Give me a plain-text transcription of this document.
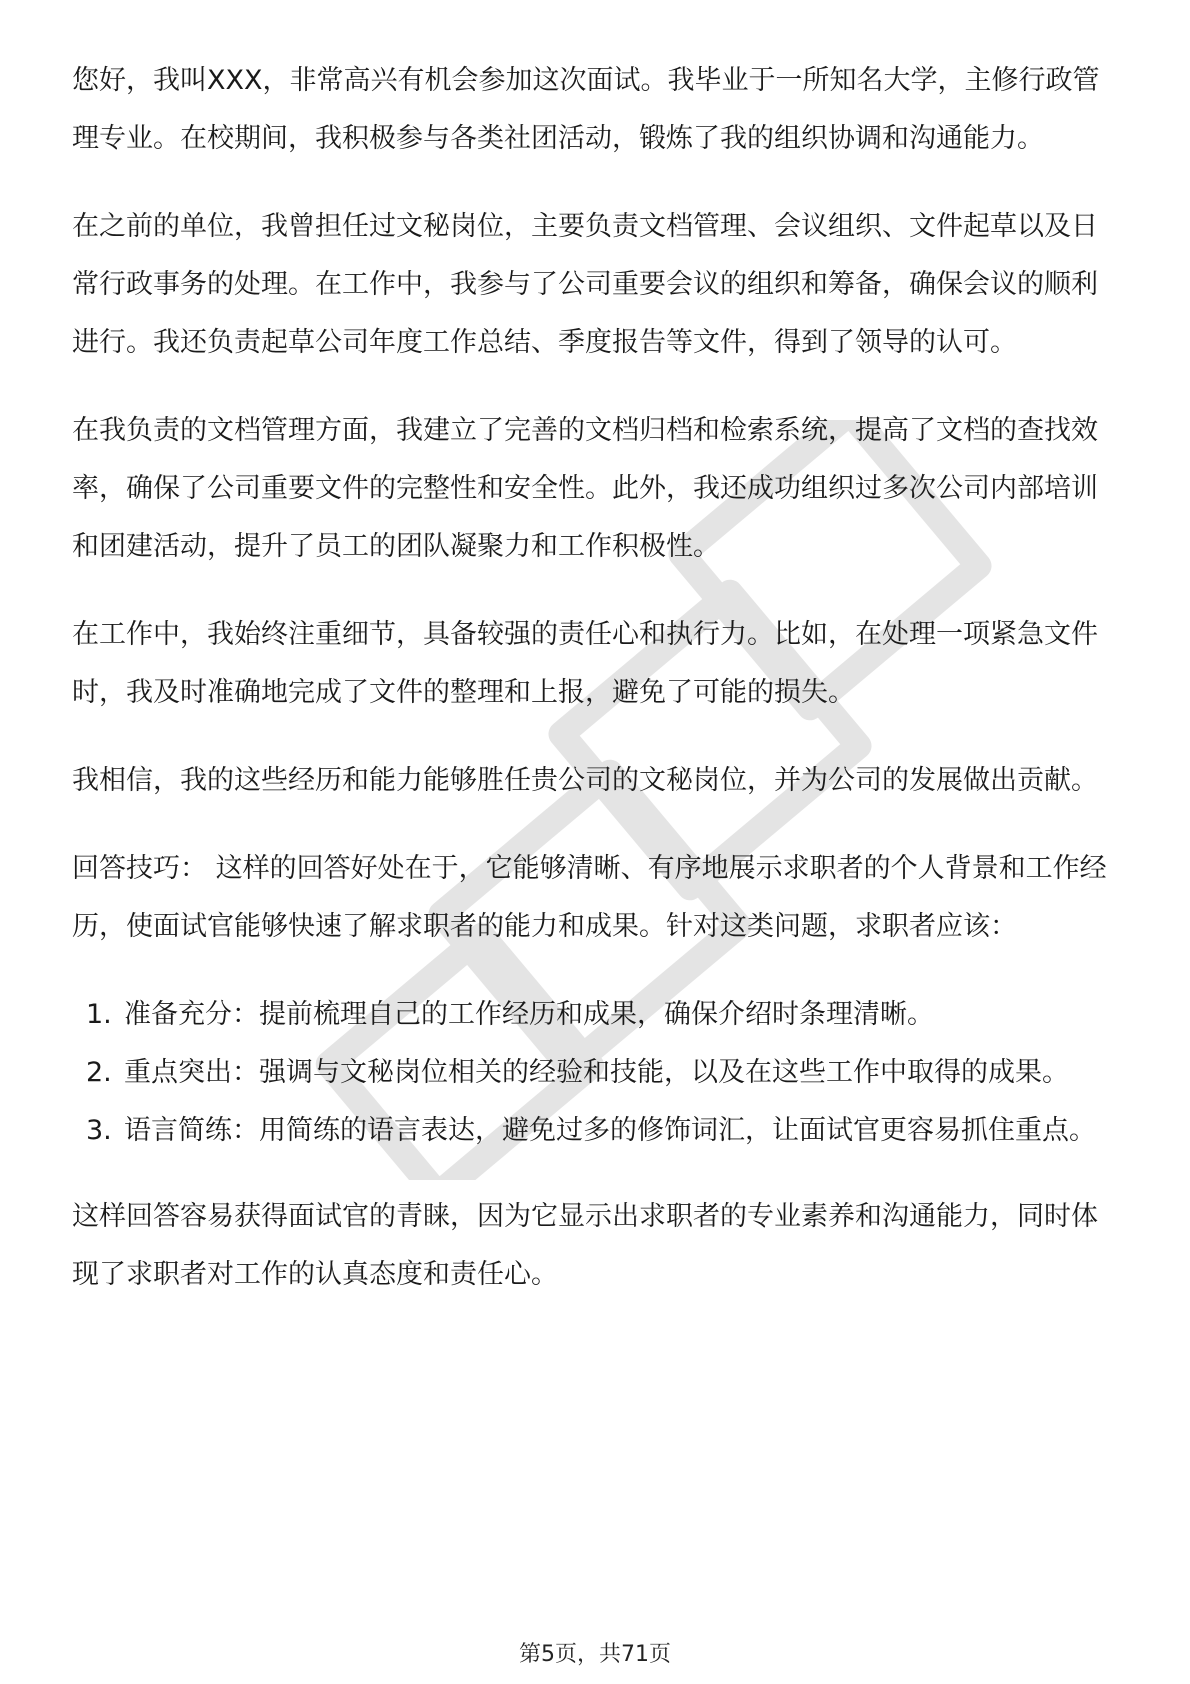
您好，我叫XXX，非常高兴有机会参加这次面试。我毕业于一所知名大学，主修行政管理专业。在校期间，我积极参与各类社团活动，锻炼了我的组织协调和沟通能力。

在之前的单位，我曾担任过文秘岗位，主要负责文档管理、会议组织、文件起草以及日常行政事务的处理。在工作中，我参与了公司重要会议的组织和筹备，确保会议的顺利进行。我还负责起草公司年度工作总结、季度报告等文件，得到了领导的认可。

在我负责的文档管理方面，我建立了完善的文档归档和检索系统，提高了文档的查找效率，确保了公司重要文件的完整性和安全性。此外，我还成功组织过多次公司内部培训和团建活动，提升了员工的团队凝聚力和工作积极性。

在工作中，我始终注重细节，具备较强的责任心和执行力。比如，在处理一项紧急文件时，我及时准确地完成了文件的整理和上报，避免了可能的损失。

我相信，我的这些经历和能力能够胜任贵公司的文秘岗位，并为公司的发展做出贡献。

回答技巧： 这样的回答好处在于，它能够清晰、有序地展示求职者的个人背景和工作经历，使面试官能够快速了解求职者的能力和成果。针对这类问题，求职者应该：

1. 准备充分：提前梳理自己的工作经历和成果，确保介绍时条理清晰。
2. 重点突出：强调与文秘岗位相关的经验和技能，以及在这些工作中取得的成果。
3. 语言简练：用简练的语言表达，避免过多的修饰词汇，让面试官更容易抓住重点。

这样回答容易获得面试官的青睐，因为它显示出求职者的专业素养和沟通能力，同时体现了求职者对工作的认真态度和责任心。

第5页，共71页
